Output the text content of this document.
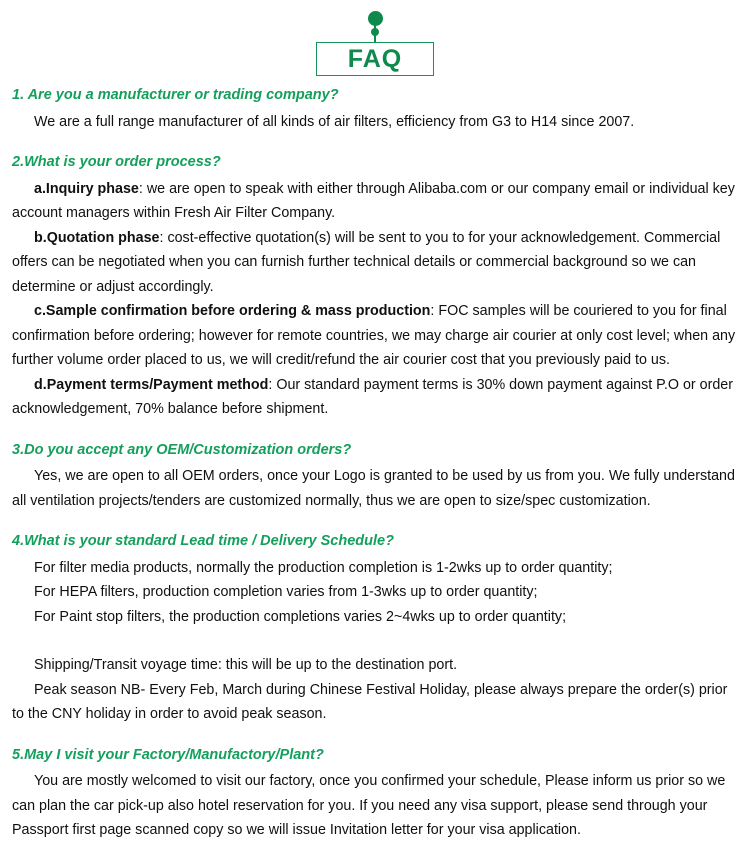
FAQ
1. Are you a manufacturer or trading company?

We are a full range manufacturer of all kinds of air filters, efficiency from G3 to H14 since 2007.

2.What is your order process?

a.Inquiry phase: we are open to speak with either through Alibaba.com or our company email or individual key account managers within Fresh Air Filter Company.

b.Quotation phase: cost-effective quotation(s) will be sent to you to for your acknowledgement. Commercial offers can be negotiated when you can furnish further technical details or commercial background so we can determine or adjust accordingly.

c.Sample confirmation before ordering & mass production: FOC samples will be couriered to you for final confirmation before ordering; however for remote countries, we may charge air courier at only cost level; when any further volume order placed to us, we will credit/refund the air courier cost that you previously paid to us.

d.Payment terms/Payment method: Our standard payment terms is 30% down payment against P.O or order acknowledgement, 70% balance before shipment.

3.Do you accept any OEM/Customization orders?

Yes, we are open to all OEM orders, once your Logo is granted to be used by us from you. We fully understand all ventilation projects/tenders are customized normally, thus we are open to size/spec customization.

4.What is your standard Lead time / Delivery Schedule?
For filter media products, normally the production completion is 1-2wks up to order quantity;
For HEPA filters, production completion varies from 1-3wks up to order quantity;
For Paint stop filters, the production completions varies 2~4wks up to order quantity;
Shipping/Transit voyage time: this will be up to the destination port.

Peak season NB- Every Feb, March during Chinese Festival Holiday, please always prepare the order(s) prior to the CNY holiday in order to avoid peak season.

5.May I visit your Factory/Manufactory/Plant?

You are mostly welcomed to visit our factory, once you confirmed your schedule, Please inform us prior so we can plan the car pick-up also hotel reservation for you. If you need any visa support, please send through your Passport first page scanned copy so we will issue Invitation letter for your visa application.
